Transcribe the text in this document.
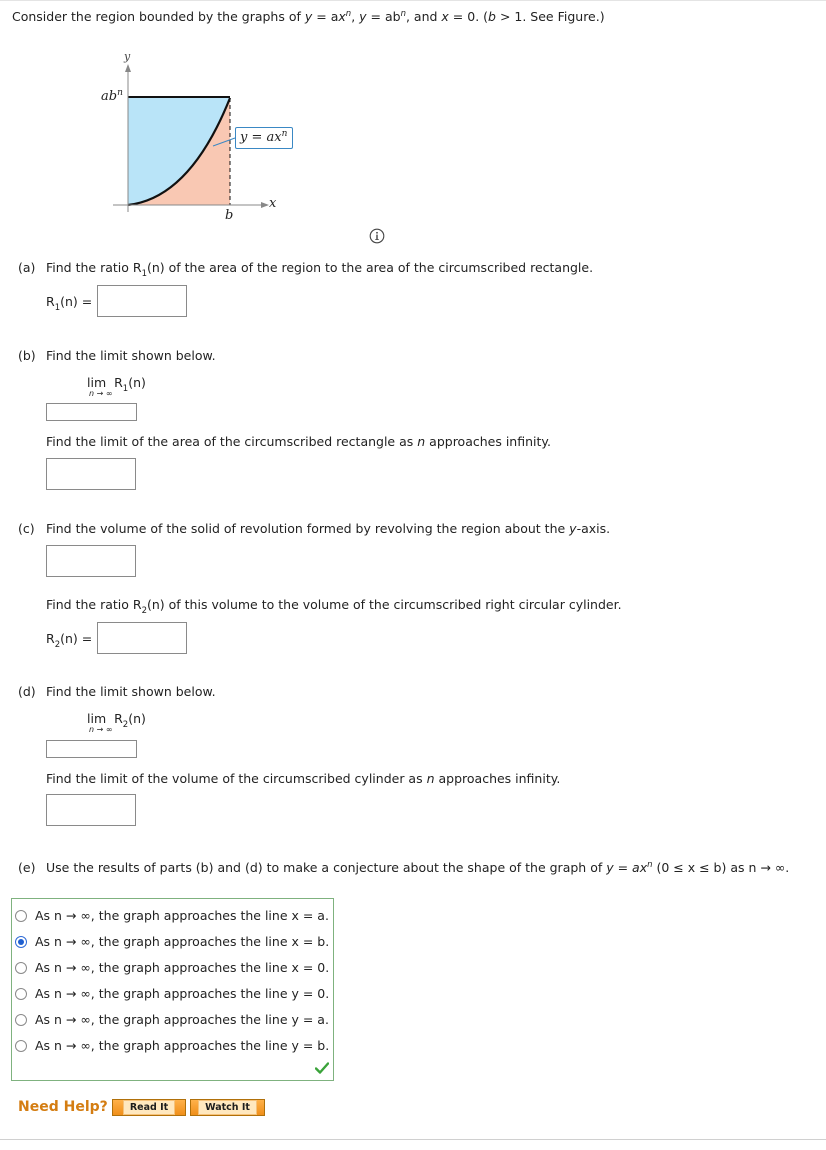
Consider the region bounded by the graphs of $y = ax^n$, $y = ab^n$, and x = 0. (b > 1. See Figure.)
y
x
$ab^n$
b
$y = ax^n$
(a) Find the ratio $R_1(n)$ of the area of the region to the area of the circumscribed rectangle.
$R_1(n)$ =
(b) Find the limit shown below.
$\lim R_1(n)$
n → ∞
Find the limit of the area of the circumscribed rectangle as n approaches infinity.
(c) Find the volume of the solid of revolution formed by revolving the region about the y-axis.
Find the ratio $R_2(n)$ of this volume to the volume of the circumscribed right circular cylinder.
$R_2(n)$ =
(d) Find the limit shown below.
$\lim R_2(n)$
n → ∞
Find the limit of the volume of the circumscribed cylinder as n approaches infinity.
(e) Use the results of parts (b) and (d) to make a conjecture about the shape of the graph of $y = ax^n$ (0 ≤ x ≤ b) as n → ∞.
As n → ∞, the graph approaches the line x = a.
As n → ∞, the graph approaches the line x = b.
As n → ∞, the graph approaches the line x = 0.
As n → ∞, the graph approaches the line y = 0.
As n → ∞, the graph approaches the line y = a.
As n → ∞, the graph approaches the line y = b.
Need Help?	Read It	Watch It
